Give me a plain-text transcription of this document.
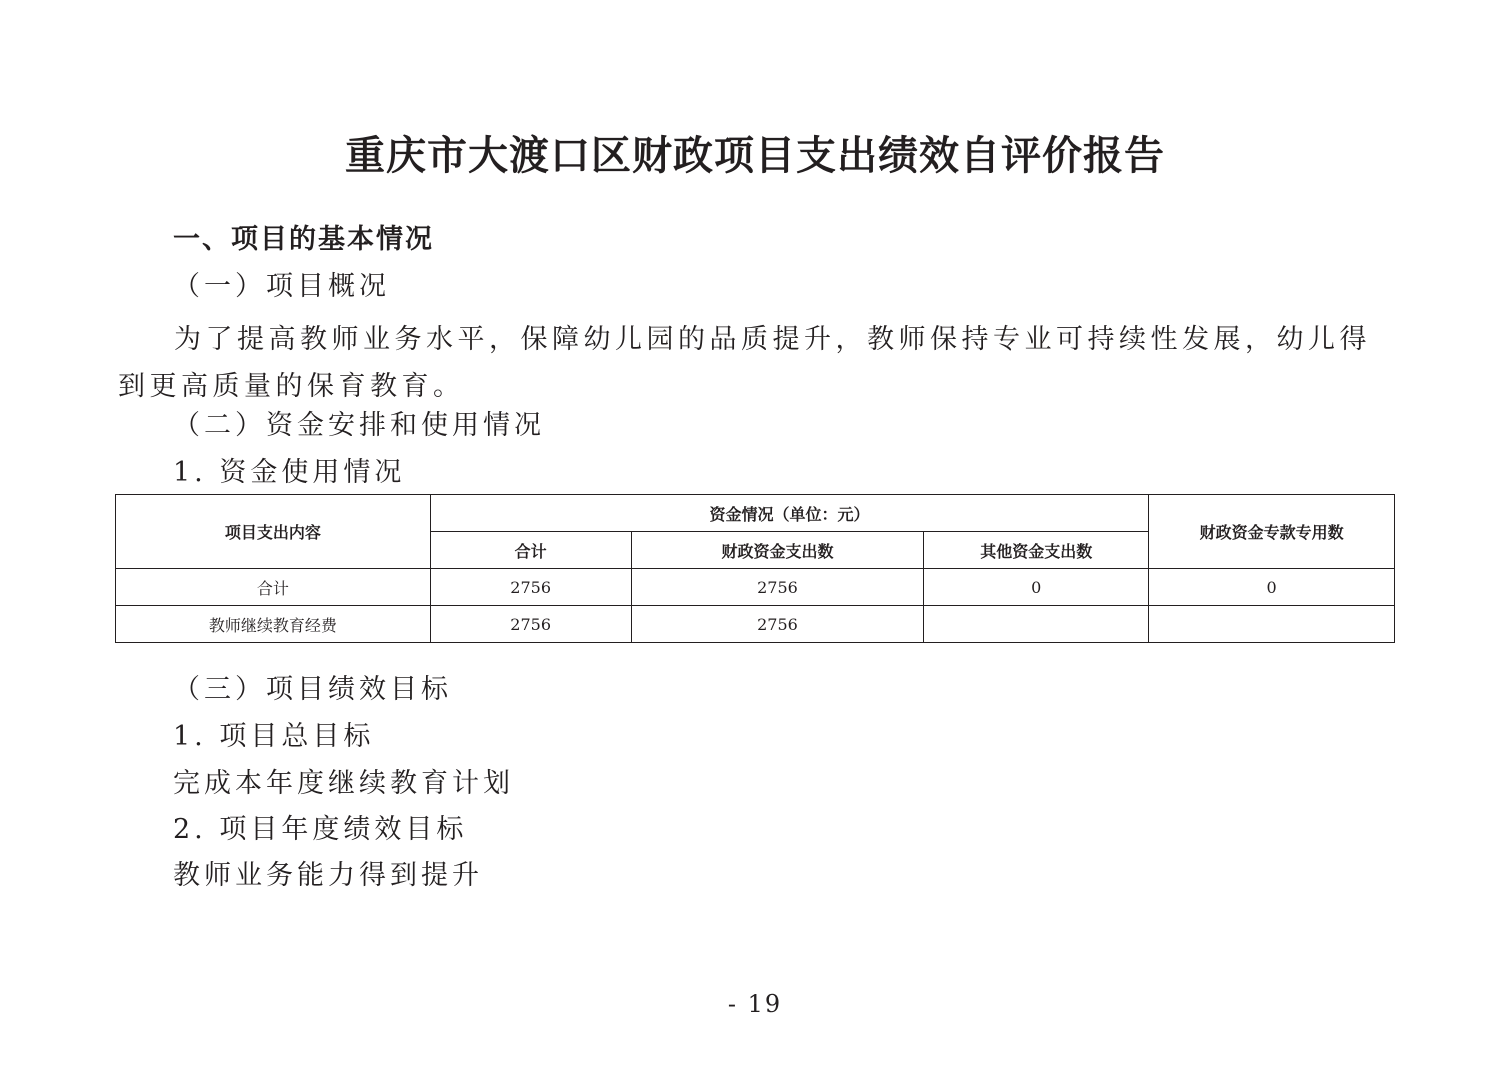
重庆市大渡口区财政项目支出绩效自评价报告
一、项目的基本情况
（一）项目概况
为了提高教师业务水平，保障幼儿园的品质提升，教师保持专业可持续性发展，幼儿得到更高质量的保育教育。
（二）资金安排和使用情况
1. 资金使用情况
项目支出内容	资金情况（单位：元）			财政资金专款专用数
	合计	财政资金支出数	其他资金支出数	
合计	2756	2756	0	0
教师继续教育经费	2756	2756		
（三）项目绩效目标
1. 项目总目标
完成本年度继续教育计划
2. 项目年度绩效目标
教师业务能力得到提升
- 19
